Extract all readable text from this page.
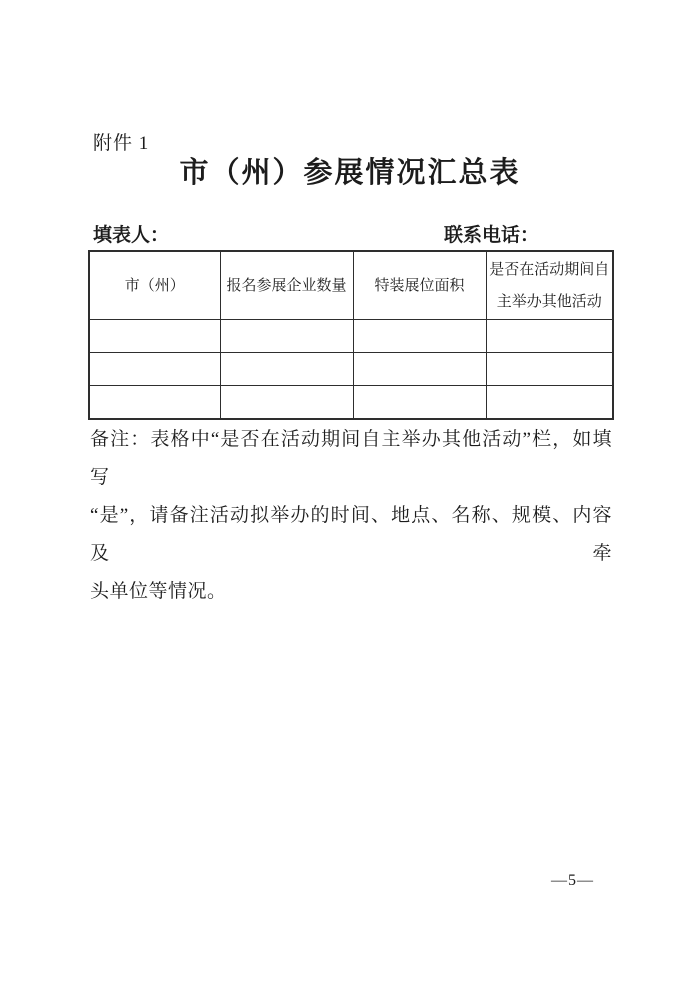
附件 1
市（州）参展情况汇总表
填表人：	联系电话：
市（州）	报名参展企业数量	特装展位面积	是否在活动期间自主举办其他活动

备注：表格中“是否在活动期间自主举办其他活动”栏，如填写
“是”，请备注活动拟举办的时间、地点、名称、规模、内容及 牵
头单位等情况。
—5—
